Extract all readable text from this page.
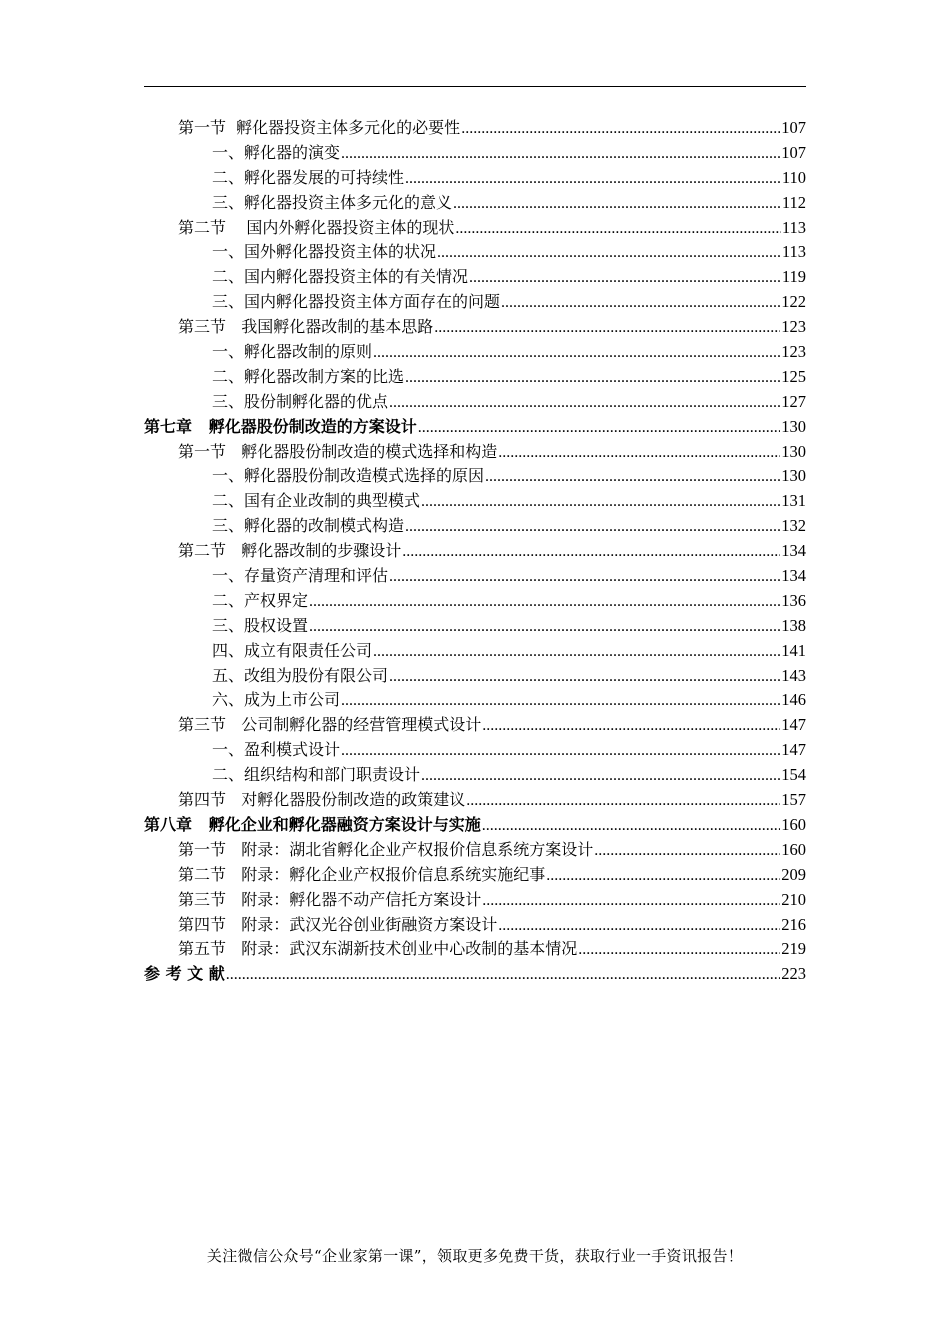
第一节  孵化器投资主体多元化的必要性 .....	107
一、孵化器的演变 .....	107
二、孵化器发展的可持续性 .....	110
三、孵化器投资主体多元化的意义 .....	112
第二节    国内外孵化器投资主体的现状 .....	113
一、国外孵化器投资主体的状况 .....	113
二、国内孵化器投资主体的有关情况 .....	119
三、国内孵化器投资主体方面存在的问题 .....	122
第三节   我国孵化器改制的基本思路 .....	123
一、孵化器改制的原则 .....	123
二、孵化器改制方案的比选 .....	125
三、股份制孵化器的优点 .....	127
第七章   孵化器股份制改造的方案设计 .....	130
第一节   孵化器股份制改造的模式选择和构造 .....	130
一、孵化器股份制改造模式选择的原因 .....	130
二、国有企业改制的典型模式 .....	131
三、孵化器的改制模式构造 .....	132
第二节   孵化器改制的步骤设计 .....	134
一、存量资产清理和评估 .....	134
二、产权界定 .....	136
三、股权设置 .....	138
四、成立有限责任公司 .....	141
五、改组为股份有限公司 .....	143
六、成为上市公司 .....	146
第三节   公司制孵化器的经营管理模式设计 .....	147
一、盈利模式设计 .....	147
二、组织结构和部门职责设计 .....	154
第四节   对孵化器股份制改造的政策建议 .....	157
第八章   孵化企业和孵化器融资方案设计与实施 .....	160
第一节   附录：湖北省孵化企业产权报价信息系统方案设计 .....	160
第二节   附录：孵化企业产权报价信息系统实施纪事 .....	209
第三节   附录：孵化器不动产信托方案设计 .....	210
第四节   附录：武汉光谷创业街融资方案设计 .....	216
第五节   附录：武汉东湖新技术创业中心改制的基本情况 .....	219
参 考 文 献 .....	223
关注微信公众号“企业家第一课”，领取更多免费干货，获取行业一手资讯报告！
